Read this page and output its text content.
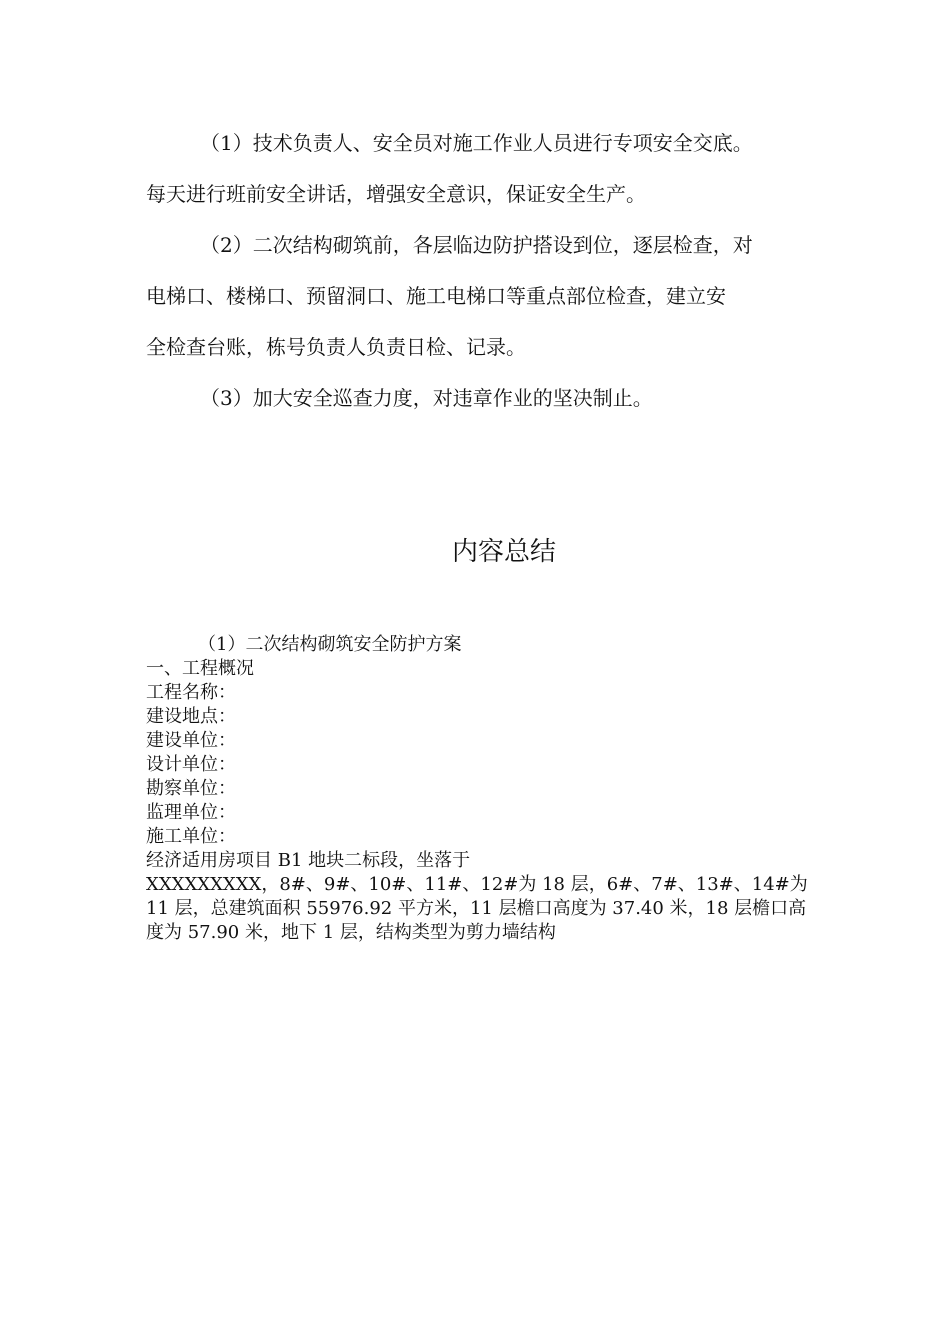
（1）技术负责人、安全员对施工作业人员进行专项安全交底。

每天进行班前安全讲话，增强安全意识，保证安全生产。

（2）二次结构砌筑前，各层临边防护搭设到位，逐层检查，对

电梯口、楼梯口、预留洞口、施工电梯口等重点部位检查，建立安

全检查台账，栋号负责人负责日检、记录。

（3）加大安全巡查力度，对违章作业的坚决制止。

内容总结

（1）二次结构砌筑安全防护方案

一、工程概况

工程名称：

建设地点：

建设单位：

设计单位：

勘察单位：

监理单位：

施工单位：

经济适用房项目 B1 地块二标段，坐落于

XXXXXXXXX，8#、9#、10#、11#、12#为 18 层，6#、7#、13#、14#为 11 层，总建筑面积 55976.92 平方米，11 层檐口高度为 37.40 米，18 层檐口高度为 57.90 米，地下 1 层，结构类型为剪力墙结构
